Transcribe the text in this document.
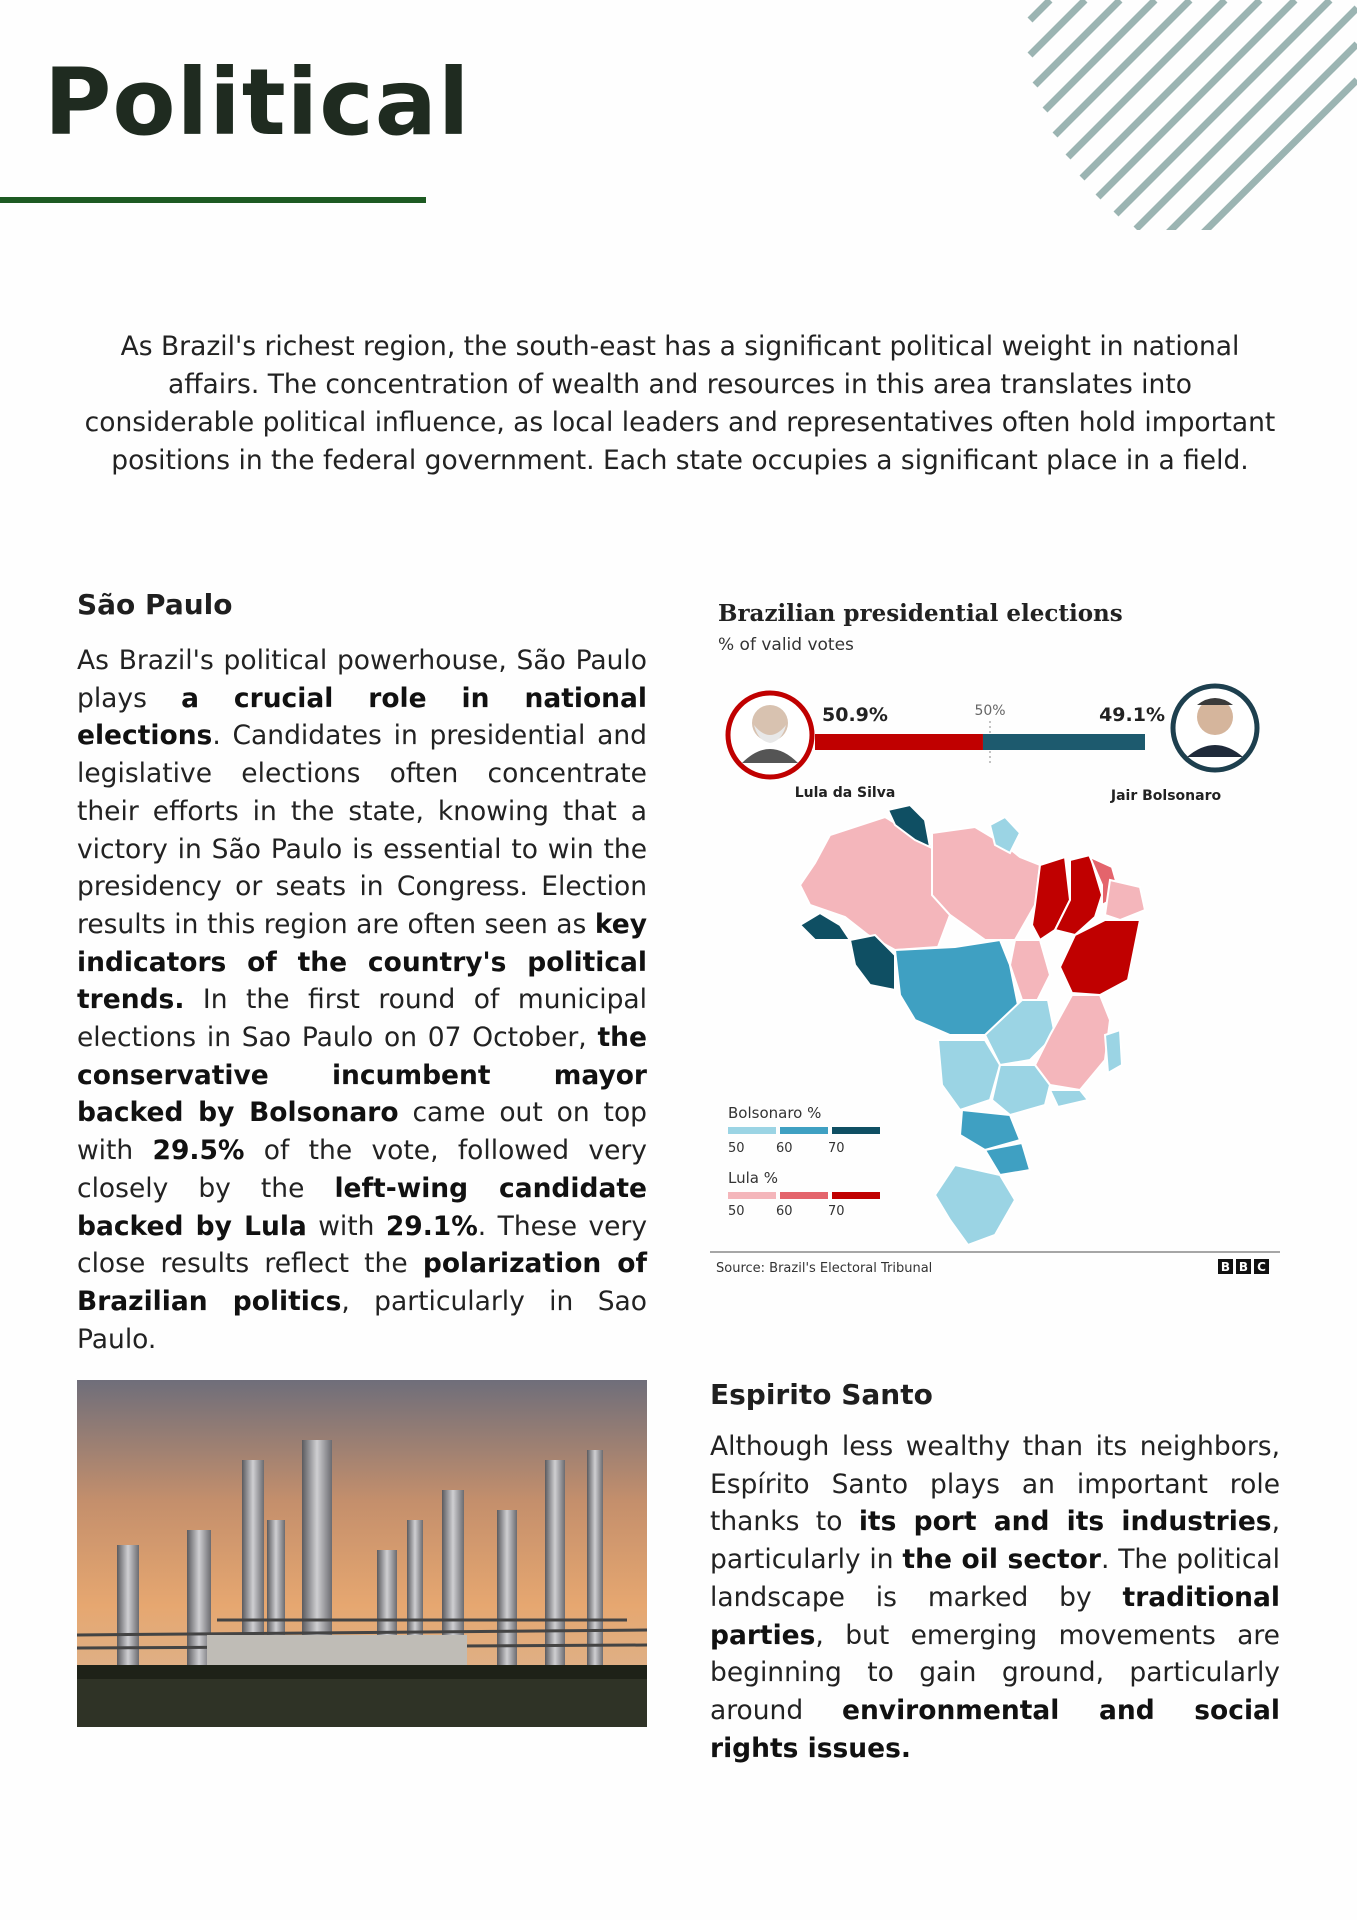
Political

As Brazil's richest region, the south-east has a significant political weight in national affairs. The concentration of wealth and resources in this area translates into considerable political influence, as local leaders and representatives often hold important positions in the federal government. Each state occupies a significant place in a field.

São Paulo

As Brazil's political powerhouse, São Paulo plays a crucial role in national elections. Candidates in presidential and legislative elections often concentrate their efforts in the state, knowing that a victory in São Paulo is essential to win the presidency or seats in Congress. Election results in this region are often seen as key indicators of the country's political trends. In the first round of municipal elections in Sao Paulo on 07 October, the conservative incumbent mayor backed by Bolsonaro came out on top with 29.5% of the vote, followed very closely by the left-wing candidate backed by Lula with 29.1%. These very close results reflect the polarization of Brazilian politics, particularly in Sao Paulo.

Brazilian presidential elections
% of valid votes
50.9%	49.1%
50%
Lula da Silva	Jair Bolsonaro
Bolsonaro %
50 60	70
Lula %
50 60	70
Source: Brazil's Electoral Tribunal	B B C
Espirito Santo

Although less wealthy than its neighbors, Espírito Santo plays an important role thanks to its port and its industries, particularly in the oil sector. The political landscape is marked by traditional parties, but emerging movements are beginning to gain ground, particularly around environmental and social rights issues.
